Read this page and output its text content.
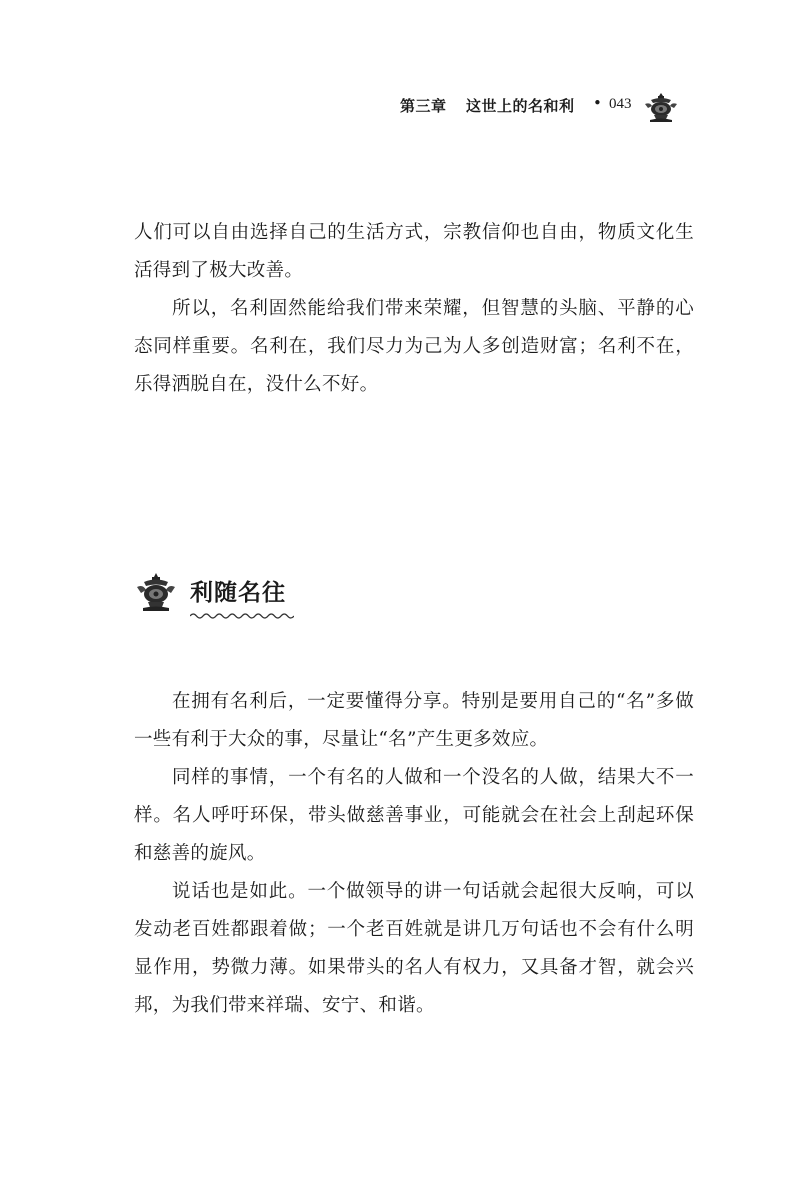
第三章 这世上的名和利 • 043

人们可以自由选择自己的生活方式，宗教信仰也自由，物质文化生活得到了极大改善。

所以，名利固然能给我们带来荣耀，但智慧的头脑、平静的心态同样重要。名利在，我们尽力为己为人多创造财富；名利不在，乐得洒脱自在，没什么不好。

利随名往

在拥有名利后，一定要懂得分享。特别是要用自己的“名”多做一些有利于大众的事，尽量让“名”产生更多效应。

同样的事情，一个有名的人做和一个没名的人做，结果大不一样。名人呼吁环保，带头做慈善事业，可能就会在社会上刮起环保和慈善的旋风。

说话也是如此。一个做领导的讲一句话就会起很大反响，可以发动老百姓都跟着做；一个老百姓就是讲几万句话也不会有什么明显作用，势微力薄。如果带头的名人有权力，又具备才智，就会兴邦，为我们带来祥瑞、安宁、和谐。
